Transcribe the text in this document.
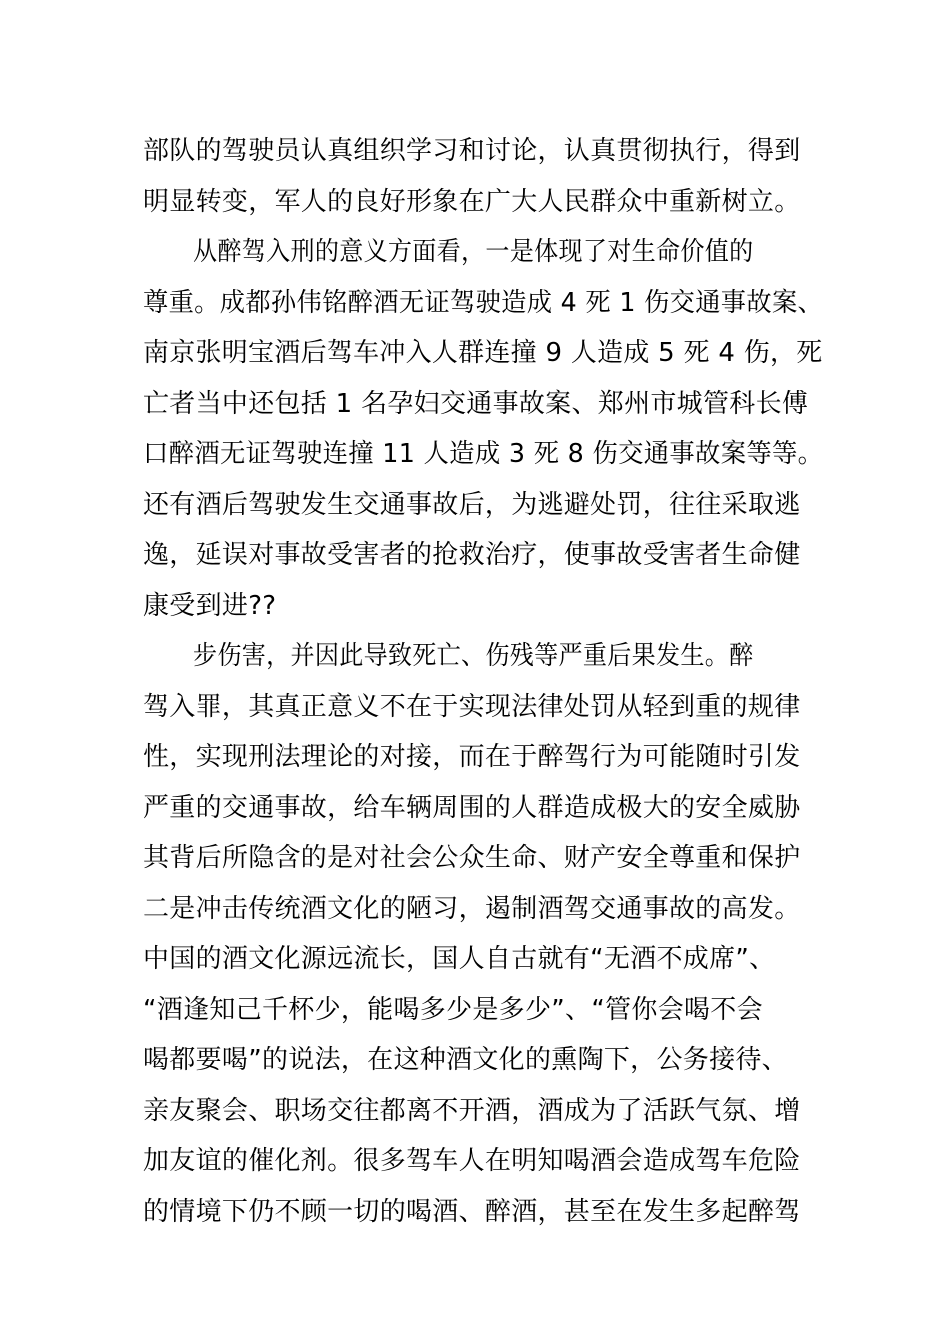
部队的驾驶员认真组织学习和讨论，认真贯彻执行，得到
明显转变，军人的良好形象在广大人民群众中重新树立。
从醉驾入刑的意义方面看，一是体现了对生命价值的
尊重。成都孙伟铭醉酒无证驾驶造成 4 死 1 伤交通事故案、
南京张明宝酒后驾车冲入人群连撞 9 人造成 5 死 4 伤，死
亡者当中还包括 1 名孕妇交通事故案、郑州市城管科长傅
口醉酒无证驾驶连撞 11 人造成 3 死 8 伤交通事故案等等。
还有酒后驾驶发生交通事故后，为逃避处罚，往往采取逃
逸，延误对事故受害者的抢救治疗，使事故受害者生命健
康受到进??
步伤害，并因此导致死亡、伤残等严重后果发生。醉
驾入罪，其真正意义不在于实现法律处罚从轻到重的规律
性，实现刑法理论的对接，而在于醉驾行为可能随时引发
严重的交通事故，给车辆周围的人群造成极大的安全威胁
其背后所隐含的是对社会公众生命、财产安全尊重和保护
二是冲击传统酒文化的陋习，遏制酒驾交通事故的高发。
中国的酒文化源远流长，国人自古就有“无酒不成席”、
“酒逢知己千杯少，能喝多少是多少”、“管你会喝不会
喝都要喝”的说法，在这种酒文化的熏陶下，公务接待、
亲友聚会、职场交往都离不开酒，酒成为了活跃气氛、增
加友谊的催化剂。很多驾车人在明知喝酒会造成驾车危险
的情境下仍不顾一切的喝酒、醉酒，甚至在发生多起醉驾
